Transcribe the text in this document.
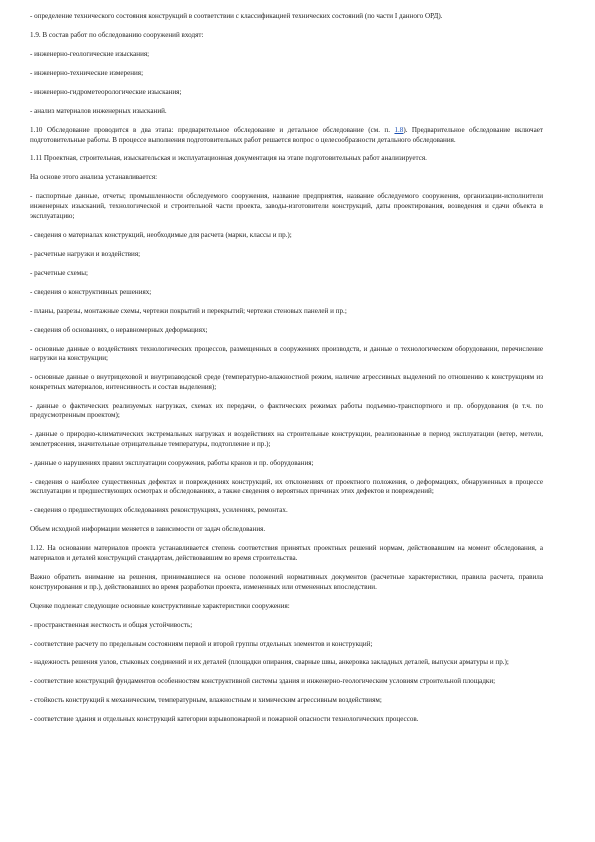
- определение технического состояния конструкций в соответствии с классификацией технических состояний (по части I данного ОРД).

1.9. В состав работ по обследованию сооружений входят:

- инженерно-геологические изыскания;

- инженерно-технические измерения;

- инженерно-гидрометеорологические изыскания;

- анализ материалов инженерных изысканий.

1.10 Обследование проводится в два этапа: предварительное обследование и детальное обследование (см. п. 1.8). Предварительное обследование включает подготовительные работы. В процессе выполнения подготовительных работ решается вопрос о целесообразности детального обследования.

1.11 Проектная, строительная, изыскательская и эксплуатационная документация на этапе подготовительных работ анализируется.

На основе этого анализа устанавливается:

- паспортные данные, отчеты; промышленности обследуемого сооружения, название предприятия, название обследуемого сооружения, организации-исполнители инженерных изысканий, технологической и строительной части проекта, заводы-изготовители конструкций, даты проектирования, возведения и сдачи объекта в эксплуатацию;

- сведения о материалах конструкций, необходимые для расчета (марки, классы и пр.);

- расчетные нагрузки и воздействия;

- расчетные схемы;

- сведения о конструктивных решениях;

- планы, разрезы, монтажные схемы, чертежи покрытий и перекрытий; чертежи стеновых панелей и пр.;

- сведения об основаниях, о неравномерных деформациях;

- основные данные о воздействиях технологических процессов, размещенных в сооружениях производств, и данные о технологическом оборудовании, перечисление нагрузки на конструкции;

- основные данные о внутрицеховой и внутризаводской среде (температурно-влажностной режим, наличие агрессивных выделений по отношению к конструкциям из конкретных материалов, интенсивность и состав выделения);

- данные о фактических реализуемых нагрузках, схемах их передачи, о фактических режимах работы подъемно-транспортного и пр. оборудования (в т.ч. по предусмотренным проектом);

- данные о природно-климатических экстремальных нагрузках и воздействиях на строительные конструкции, реализованные в период эксплуатации (ветер, метели, землетрясения, значительные отрицательные температуры, подтопление и пр.);

- данные о нарушениях правил эксплуатации сооружения, работы кранов и пр. оборудования;

- сведения о наиболее существенных дефектах и повреждениях конструкций, их отклонениях от проектного положения, о деформациях, обнаруженных в процессе эксплуатации и предшествующих осмотрах и обследованиях, а также сведения о вероятных причинах этих дефектов и повреждений;

- сведения о предшествующих обследованиях реконструкциях, усилениях, ремонтах.

Объем исходной информации меняется в зависимости от задач обследования.

1.12. На основании материалов проекта устанавливается степень соответствия принятых проектных решений нормам, действовавшим на момент обследования, а материалов и деталей конструкций стандартам, действовавшим во время строительства.

Важно обратить внимание на решения, принимавшиеся на основе положений нормативных документов (расчетные характеристики, правила расчета, правила конструирования и пр.), действовавших во время разработки проекта, измененных или отмененных впоследствии.

Оценке подлежат следующие основные конструктивные характеристики сооружения:

- пространственная жесткость и общая устойчивость;

- соответствие расчету по предельным состояниям первой и второй группы отдельных элементов и конструкций;

- надежность решения узлов, стыковых соединений и их деталей (площадки опирания, сварные швы, анкеровка закладных деталей, выпуски арматуры и пр.);

- соответствие конструкций фундаментов особенностям конструктивной системы здания и инженерно-геологическим условиям строительной площадки;

- стойкость конструкций к механическим, температурным, влажностным и химическим агрессивным воздействиям;

- соответствие здания и отдельных конструкций категории взрывопожарной и пожарной опасности технологических процессов.
